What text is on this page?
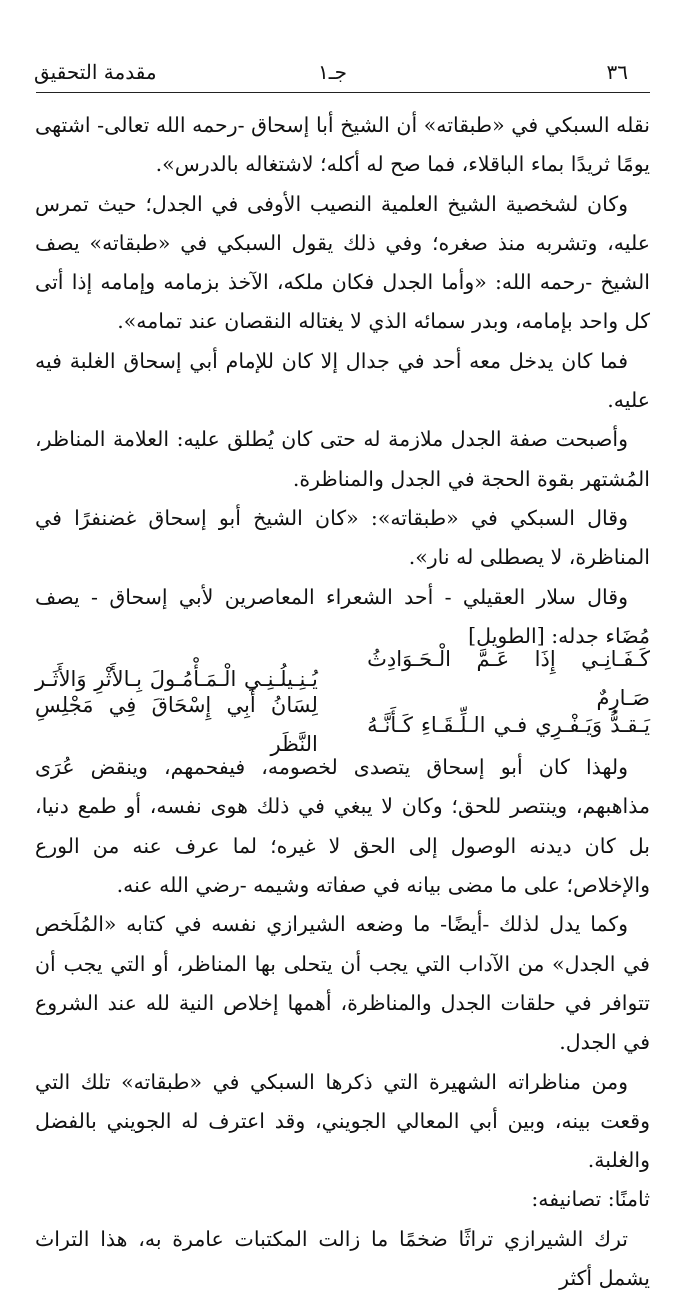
٣٦
جـ١
مقدمة التحقيق

نقله السبكي في «طبقاته» أن الشيخ أبا إسحاق -رحمه الله تعالى- اشتهى يومًا ثريدًا بماء الباقلاء، فما صح له أكله؛ لاشتغاله بالدرس».

وكان لشخصية الشيخ العلمية النصيب الأوفى في الجدل؛ حيث تمرس عليه، وتشربه منذ صغره؛ وفي ذلك يقول السبكي في «طبقاته» يصف الشيخ -رحمه الله: «وأما الجدل فكان ملكه، الآخذ بزمامه وإمامه إذا أتى كل واحد بإمامه، وبدر سمائه الذي لا يغتاله النقصان عند تمامه».

فما كان يدخل معه أحد في جدال إلا كان للإمام أبي إسحاق الغلبة فيه عليه.

وأصبحت صفة الجدل ملازمة له حتى كان يُطلق عليه: العلامة المناظر، المُشتهر بقوة الحجة في الجدل والمناظرة.

وقال السبكي في «طبقاته»: «كان الشيخ أبو إسحاق غضنفرًا في المناظرة، لا يصطلى له نار».

وقال سلار العقيلي - أحد الشعراء المعاصرين لأبي إسحاق - يصف مُضَاء جدله: [الطويل]

كَـفَـانِـي إِذَا عَـمَّ الْـحَـوَادِثُ صَـارِمٌ
يُـنِـيلُـنِـي الْـمَـأْمُـولَ بِـالأَثْرِ وَالأَثَـر
يَـقـدُّ وَيَـفْـرِي فـي الـلِّـقَـاءِ كَـأَنَّـهُ
لِسَانُ أَبِي إِسْحَاقَ فِي مَجْلِسِ النَّظَر

ولهذا كان أبو إسحاق يتصدى لخصومه، فيفحمهم، وينقض عُرَى مذاهبهم، وينتصر للحق؛ وكان لا يبغي في ذلك هوى نفسه، أو طمع دنيا، بل كان ديدنه الوصول إلى الحق لا غيره؛ لما عرف عنه من الورع والإخلاص؛ على ما مضى بيانه في صفاته وشيمه -رضي الله عنه.

وكما يدل لذلك -أيضًا- ما وضعه الشيرازي نفسه في كتابه «المُلَخص في الجدل» من الآداب التي يجب أن يتحلى بها المناظر، أو التي يجب أن تتوافر في حلقات الجدل والمناظرة، أهمها إخلاص النية لله عند الشروع في الجدل.

ومن مناظراته الشهيرة التي ذكرها السبكي في «طبقاته» تلك التي وقعت بينه، وبين أبي المعالي الجويني، وقد اعترف له الجويني بالفضل والغلبة.

ثامنًا: تصانيفه:

ترك الشيرازي تراثًا ضخمًا ما زالت المكتبات عامرة به، هذا التراث يشمل أكثر
